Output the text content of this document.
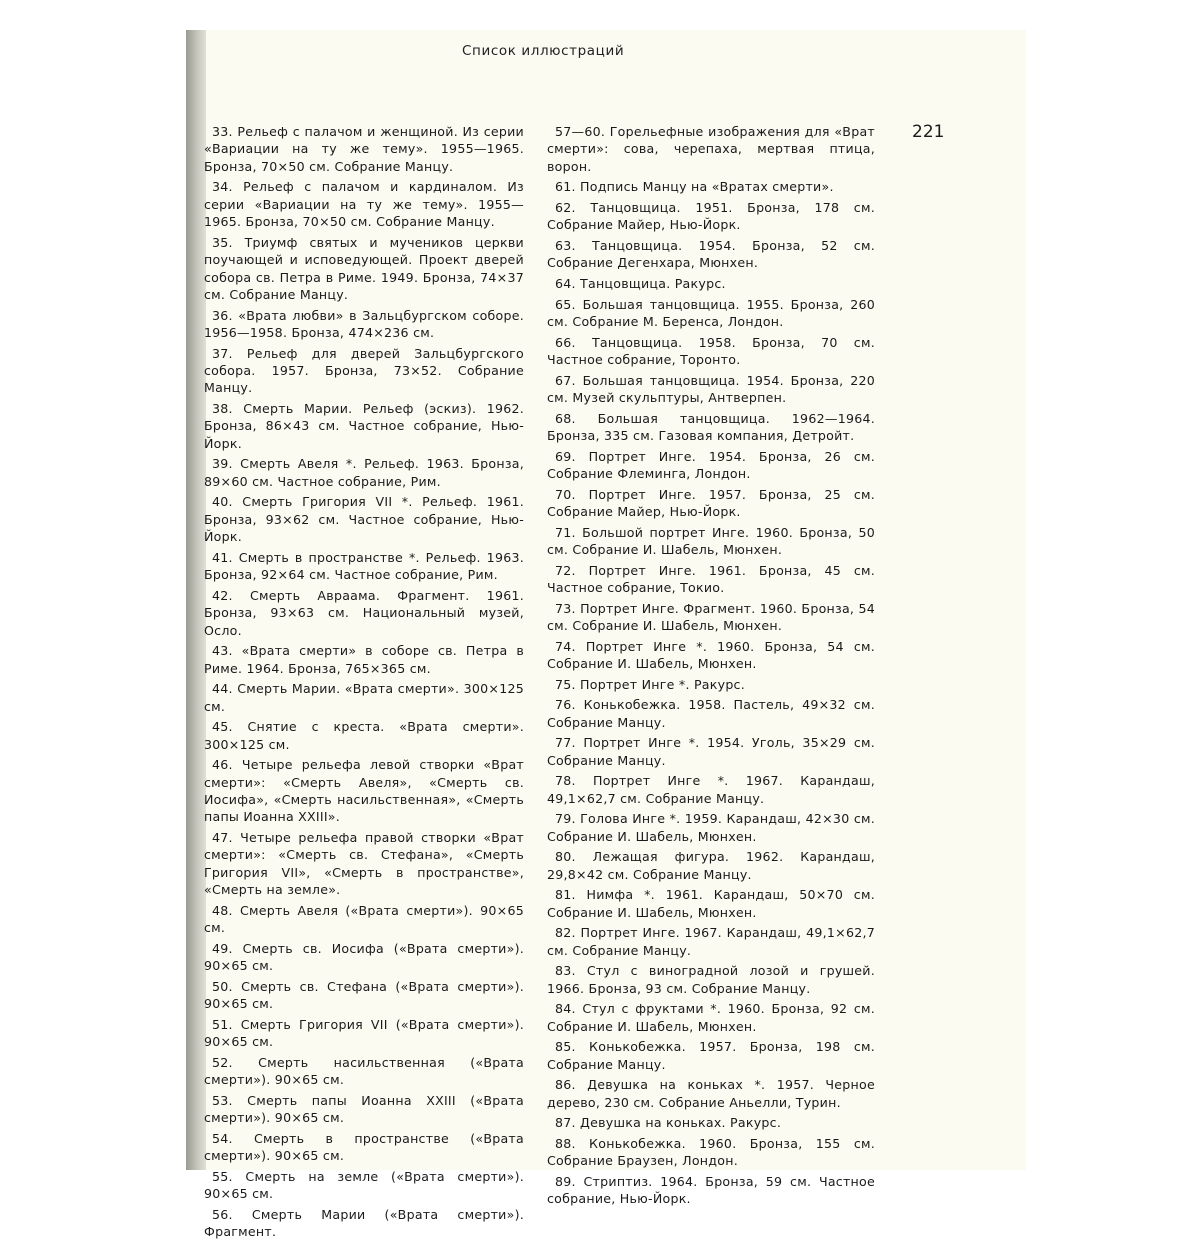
Список иллюстраций
221

33. Рельеф с палачом и женщиной. Из серии «Вариации на ту же тему». 1955—1965. Бронза, 70×50 см. Собрание Манцу.

34. Рельеф с палачом и кардиналом. Из серии «Вариации на ту же тему». 1955—1965. Бронза, 70×50 см. Собрание Манцу.

35. Триумф святых и мучеников церкви поучающей и исповедующей. Проект дверей собора св. Петра в Риме. 1949. Бронза, 74×37 см. Собрание Манцу.

36. «Врата любви» в Зальцбургском соборе. 1956—1958. Бронза, 474×236 см.

37. Рельеф для дверей Зальцбургского собора. 1957. Бронза, 73×52. Собрание Манцу.

38. Смерть Марии. Рельеф (эскиз). 1962. Бронза, 86×43 см. Частное собрание, Нью-Йорк.

39. Смерть Авеля *. Рельеф. 1963. Бронза, 89×60 см. Частное собрание, Рим.

40. Смерть Григория VII *. Рельеф. 1961. Бронза, 93×62 см. Частное собрание, Нью-Йорк.

41. Смерть в пространстве *. Рельеф. 1963. Бронза, 92×64 см. Частное собрание, Рим.

42. Смерть Авраама. Фрагмент. 1961. Бронза, 93×63 см. Национальный музей, Осло.

43. «Врата смерти» в соборе св. Петра в Риме. 1964. Бронза, 765×365 см.

44. Смерть Марии. «Врата смерти». 300×125 см.

45. Снятие с креста. «Врата смерти». 300×125 см.

46. Четыре рельефа левой створки «Врат смерти»: «Смерть Авеля», «Смерть св. Иосифа», «Смерть насильственная», «Смерть папы Иоанна XXIII».

47. Четыре рельефа правой створки «Врат смерти»: «Смерть св. Стефана», «Смерть Григория VII», «Смерть в пространстве», «Смерть на земле».

48. Смерть Авеля («Врата смерти»). 90×65 см.

49. Смерть св. Иосифа («Врата смерти»). 90×65 см.

50. Смерть св. Стефана («Врата смерти»). 90×65 см.

51. Смерть Григория VII («Врата смерти»). 90×65 см.

52. Смерть насильственная («Врата смерти»). 90×65 см.

53. Смерть папы Иоанна XXIII («Врата смерти»). 90×65 см.

54. Смерть в пространстве («Врата смерти»). 90×65 см.

55. Смерть на земле («Врата смерти»). 90×65 см.

56. Смерть Марии («Врата смерти»). Фрагмент.

57—60. Горельефные изображения для «Врат смерти»: сова, черепаха, мертвая птица, ворон.

61. Подпись Манцу на «Вратах смерти».

62. Танцовщица. 1951. Бронза, 178 см. Собрание Майер, Нью-Йорк.

63. Танцовщица. 1954. Бронза, 52 см. Собрание Дегенхара, Мюнхен.

64. Танцовщица. Ракурс.

65. Большая танцовщица. 1955. Бронза, 260 см. Собрание М. Беренса, Лондон.

66. Танцовщица. 1958. Бронза, 70 см. Частное собрание, Торонто.

67. Большая танцовщица. 1954. Бронза, 220 см. Музей скульптуры, Антверпен.

68. Большая танцовщица. 1962—1964. Бронза, 335 см. Газовая компания, Детройт.

69. Портрет Инге. 1954. Бронза, 26 см. Собрание Флеминга, Лондон.

70. Портрет Инге. 1957. Бронза, 25 см. Собрание Майер, Нью-Йорк.

71. Большой портрет Инге. 1960. Бронза, 50 см. Собрание И. Шабель, Мюнхен.

72. Портрет Инге. 1961. Бронза, 45 см. Частное собрание, Токио.

73. Портрет Инге. Фрагмент. 1960. Бронза, 54 см. Собрание И. Шабель, Мюнхен.

74. Портрет Инге *. 1960. Бронза, 54 см. Собрание И. Шабель, Мюнхен.

75. Портрет Инге *. Ракурс.

76. Конькобежка. 1958. Пастель, 49×32 см. Собрание Манцу.

77. Портрет Инге *. 1954. Уголь, 35×29 см. Собрание Манцу.

78. Портрет Инге *. 1967. Карандаш, 49,1×62,7 см. Собрание Манцу.

79. Голова Инге *. 1959. Карандаш, 42×30 см. Собрание И. Шабель, Мюнхен.

80. Лежащая фигура. 1962. Карандаш, 29,8×42 см. Собрание Манцу.

81. Нимфа *. 1961. Карандаш, 50×70 см. Собрание И. Шабель, Мюнхен.

82. Портрет Инге. 1967. Карандаш, 49,1×62,7 см. Собрание Манцу.

83. Стул с виноградной лозой и грушей. 1966. Бронза, 93 см. Собрание Манцу.

84. Стул с фруктами *. 1960. Бронза, 92 см. Собрание И. Шабель, Мюнхен.

85. Конькобежка. 1957. Бронза, 198 см. Собрание Манцу.

86. Девушка на коньках *. 1957. Черное дерево, 230 см. Собрание Аньелли, Турин.

87. Девушка на коньках. Ракурс.

88. Конькобежка. 1960. Бронза, 155 см. Собрание Браузен, Лондон.

89. Стриптиз. 1964. Бронза, 59 см. Частное собрание, Нью-Йорк.
